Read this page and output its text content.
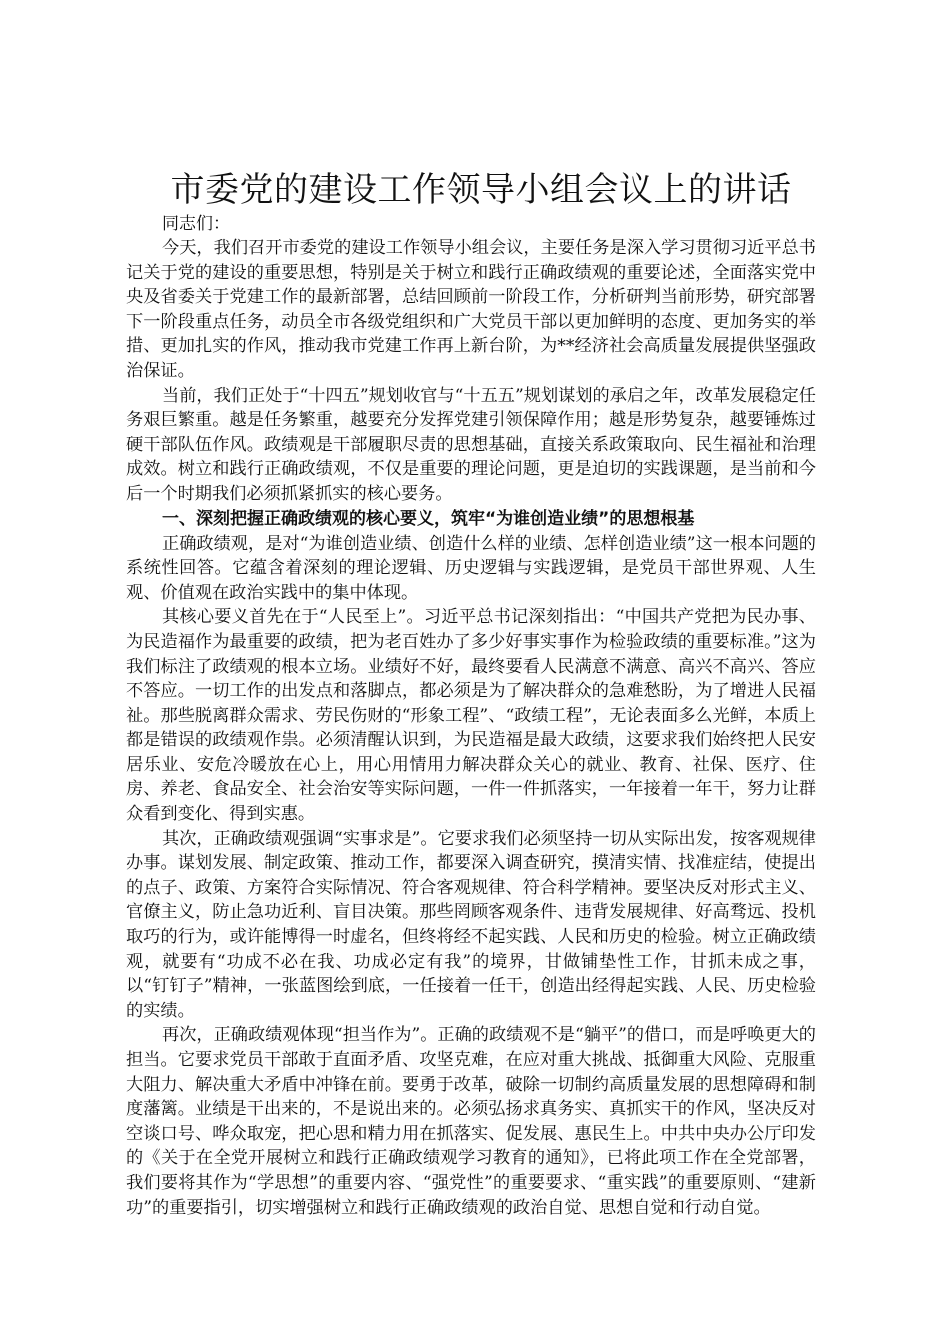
市委党的建设工作领导小组会议上的讲话

同志们：

今天，我们召开市委党的建设工作领导小组会议，主要任务是深入学习贯彻习近平总书记关于党的建设的重要思想，特别是关于树立和践行正确政绩观的重要论述，全面落实党中央及省委关于党建工作的最新部署，总结回顾前一阶段工作，分析研判当前形势，研究部署下一阶段重点任务，动员全市各级党组织和广大党员干部以更加鲜明的态度、更加务实的举措、更加扎实的作风，推动我市党建工作再上新台阶，为**经济社会高质量发展提供坚强政治保证。

当前，我们正处于“十四五”规划收官与“十五五”规划谋划的承启之年，改革发展稳定任务艰巨繁重。越是任务繁重，越要充分发挥党建引领保障作用；越是形势复杂，越要锤炼过硬干部队伍作风。政绩观是干部履职尽责的思想基础，直接关系政策取向、民生福祉和治理成效。树立和践行正确政绩观，不仅是重要的理论问题，更是迫切的实践课题，是当前和今后一个时期我们必须抓紧抓实的核心要务。

一、深刻把握正确政绩观的核心要义，筑牢“为谁创造业绩”的思想根基

正确政绩观，是对“为谁创造业绩、创造什么样的业绩、怎样创造业绩”这一根本问题的系统性回答。它蕴含着深刻的理论逻辑、历史逻辑与实践逻辑，是党员干部世界观、人生观、价值观在政治实践中的集中体现。

其核心要义首先在于“人民至上”。习近平总书记深刻指出：“中国共产党把为民办事、为民造福作为最重要的政绩，把为老百姓办了多少好事实事作为检验政绩的重要标准。”这为我们标注了政绩观的根本立场。业绩好不好，最终要看人民满意不满意、高兴不高兴、答应不答应。一切工作的出发点和落脚点，都必须是为了解决群众的急难愁盼，为了增进人民福祉。那些脱离群众需求、劳民伤财的“形象工程”、“政绩工程”，无论表面多么光鲜，本质上都是错误的政绩观作祟。必须清醒认识到，为民造福是最大政绩，这要求我们始终把人民安居乐业、安危冷暖放在心上，用心用情用力解决群众关心的就业、教育、社保、医疗、住房、养老、食品安全、社会治安等实际问题，一件一件抓落实，一年接着一年干，努力让群众看到变化、得到实惠。

其次，正确政绩观强调“实事求是”。它要求我们必须坚持一切从实际出发，按客观规律办事。谋划发展、制定政策、推动工作，都要深入调查研究，摸清实情、找准症结，使提出的点子、政策、方案符合实际情况、符合客观规律、符合科学精神。要坚决反对形式主义、官僚主义，防止急功近利、盲目决策。那些罔顾客观条件、违背发展规律、好高骛远、投机取巧的行为，或许能博得一时虚名，但终将经不起实践、人民和历史的检验。树立正确政绩观，就要有“功成不必在我、功成必定有我”的境界，甘做铺垫性工作，甘抓未成之事，以“钉钉子”精神，一张蓝图绘到底，一任接着一任干，创造出经得起实践、人民、历史检验的实绩。

再次，正确政绩观体现“担当作为”。正确的政绩观不是“躺平”的借口，而是呼唤更大的担当。它要求党员干部敢于直面矛盾、攻坚克难，在应对重大挑战、抵御重大风险、克服重大阻力、解决重大矛盾中冲锋在前。要勇于改革，破除一切制约高质量发展的思想障碍和制度藩篱。业绩是干出来的，不是说出来的。必须弘扬求真务实、真抓实干的作风，坚决反对空谈口号、哗众取宠，把心思和精力用在抓落实、促发展、惠民生上。中共中央办公厅印发的《关于在全党开展树立和践行正确政绩观学习教育的通知》，已将此项工作在全党部署，我们要将其作为“学思想”的重要内容、“强党性”的重要要求、“重实践”的重要原则、“建新功”的重要指引，切实增强树立和践行正确政绩观的政治自觉、思想自觉和行动自觉。
